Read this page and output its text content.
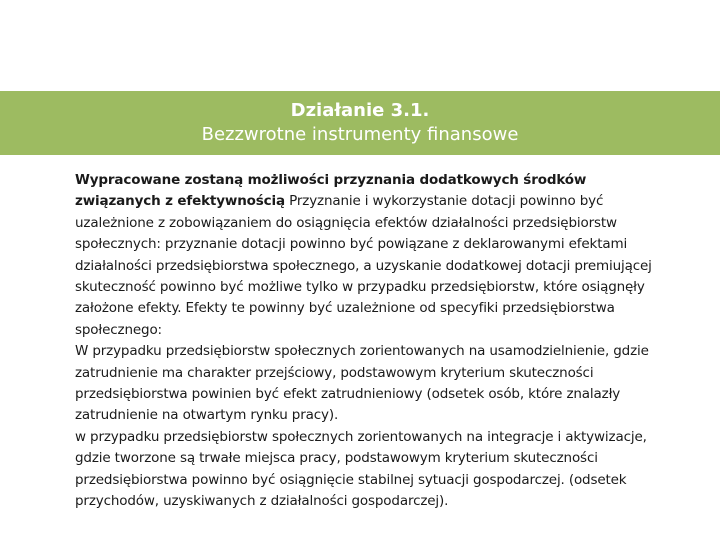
Działanie 3.1.
Bezzwrotne instrumenty finansowe

Wypracowane zostaną możliwości przyznania dodatkowych środków związanych z efektywnością Przyznanie i wykorzystanie dotacji powinno być uzależnione z zobowiązaniem do osiągnięcia efektów działalności przedsiębiorstw społecznych: przyznanie dotacji powinno być powiązane z deklarowanymi efektami działalności przedsiębiorstwa społecznego, a uzyskanie dodatkowej dotacji premiującej skuteczność powinno być możliwe tylko w przypadku przedsiębiorstw, które osiągnęły założone efekty. Efekty te powinny być uzależnione od specyfiki przedsiębiorstwa społecznego:

W przypadku przedsiębiorstw społecznych zorientowanych na usamodzielnienie, gdzie zatrudnienie ma charakter przejściowy, podstawowym kryterium skuteczności przedsiębiorstwa powinien być efekt zatrudnieniowy (odsetek osób, które znalazły zatrudnienie na otwartym rynku pracy).

w przypadku przedsiębiorstw społecznych zorientowanych na integracje i aktywizacje, gdzie tworzone są trwałe miejsca pracy, podstawowym kryterium skuteczności przedsiębiorstwa powinno być osiągnięcie stabilnej sytuacji gospodarczej. (odsetek przychodów, uzyskiwanych z działalności gospodarczej).
